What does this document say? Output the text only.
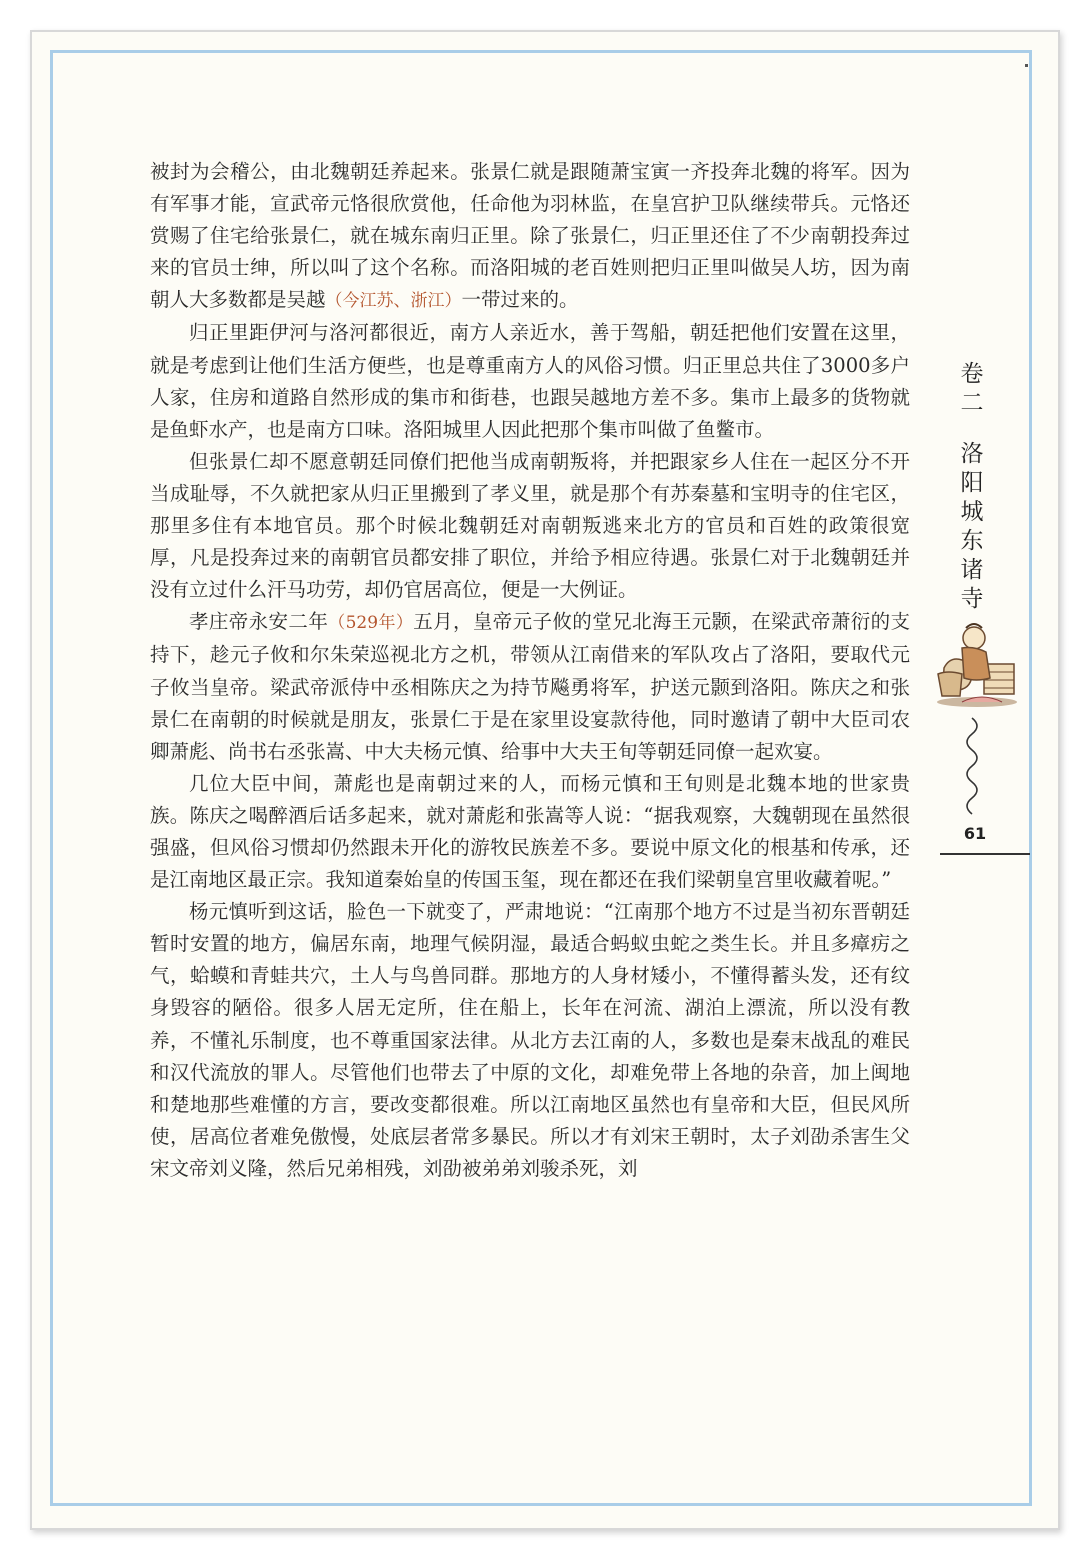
被封为会稽公，由北魏朝廷养起来。张景仁就是跟随萧宝寅一齐投奔北魏的将军。因为有军事才能，宣武帝元恪很欣赏他，任命他为羽林监，在皇宫护卫队继续带兵。元恪还赏赐了住宅给张景仁，就在城东南归正里。除了张景仁，归正里还住了不少南朝投奔过来的官员士绅，所以叫了这个名称。而洛阳城的老百姓则把归正里叫做吴人坊，因为南朝人大多数都是吴越（今江苏、浙江）一带过来的。

归正里距伊河与洛河都很近，南方人亲近水，善于驾船，朝廷把他们安置在这里，就是考虑到让他们生活方便些，也是尊重南方人的风俗习惯。归正里总共住了3000多户人家，住房和道路自然形成的集市和街巷，也跟吴越地方差不多。集市上最多的货物就是鱼虾水产，也是南方口味。洛阳城里人因此把那个集市叫做了鱼鳖市。

但张景仁却不愿意朝廷同僚们把他当成南朝叛将，并把跟家乡人住在一起区分不开当成耻辱，不久就把家从归正里搬到了孝义里，就是那个有苏秦墓和宝明寺的住宅区，那里多住有本地官员。那个时候北魏朝廷对南朝叛逃来北方的官员和百姓的政策很宽厚，凡是投奔过来的南朝官员都安排了职位，并给予相应待遇。张景仁对于北魏朝廷并没有立过什么汗马功劳，却仍官居高位，便是一大例证。

孝庄帝永安二年（529年）五月，皇帝元子攸的堂兄北海王元颢，在梁武帝萧衍的支持下，趁元子攸和尔朱荣巡视北方之机，带领从江南借来的军队攻占了洛阳，要取代元子攸当皇帝。梁武帝派侍中丞相陈庆之为持节飚勇将军，护送元颢到洛阳。陈庆之和张景仁在南朝的时候就是朋友，张景仁于是在家里设宴款待他，同时邀请了朝中大臣司农卿萧彪、尚书右丞张嵩、中大夫杨元慎、给事中大夫王旬等朝廷同僚一起欢宴。

几位大臣中间，萧彪也是南朝过来的人，而杨元慎和王旬则是北魏本地的世家贵族。陈庆之喝醉酒后话多起来，就对萧彪和张嵩等人说：“据我观察，大魏朝现在虽然很强盛，但风俗习惯却仍然跟未开化的游牧民族差不多。要说中原文化的根基和传承，还是江南地区最正宗。我知道秦始皇的传国玉玺，现在都还在我们梁朝皇宫里收藏着呢。”

杨元慎听到这话，脸色一下就变了，严肃地说：“江南那个地方不过是当初东晋朝廷暂时安置的地方，偏居东南，地理气候阴湿，最适合蚂蚁虫蛇之类生长。并且多瘴疠之气，蛤蟆和青蛙共穴，土人与鸟兽同群。那地方的人身材矮小，不懂得蓄头发，还有纹身毁容的陋俗。很多人居无定所，住在船上，长年在河流、湖泊上漂流，所以没有教养，不懂礼乐制度，也不尊重国家法律。从北方去江南的人，多数也是秦末战乱的难民和汉代流放的罪人。尽管他们也带去了中原的文化，却难免带上各地的杂音，加上闽地和楚地那些难懂的方言，要改变都很难。所以江南地区虽然也有皇帝和大臣，但民风所使，居高位者难免傲慢，处底层者常多暴民。所以才有刘宋王朝时，太子刘劭杀害生父宋文帝刘义隆，然后兄弟相残，刘劭被弟弟刘骏杀死，刘

卷
二
洛
阳
城
东
诸
寺
61
